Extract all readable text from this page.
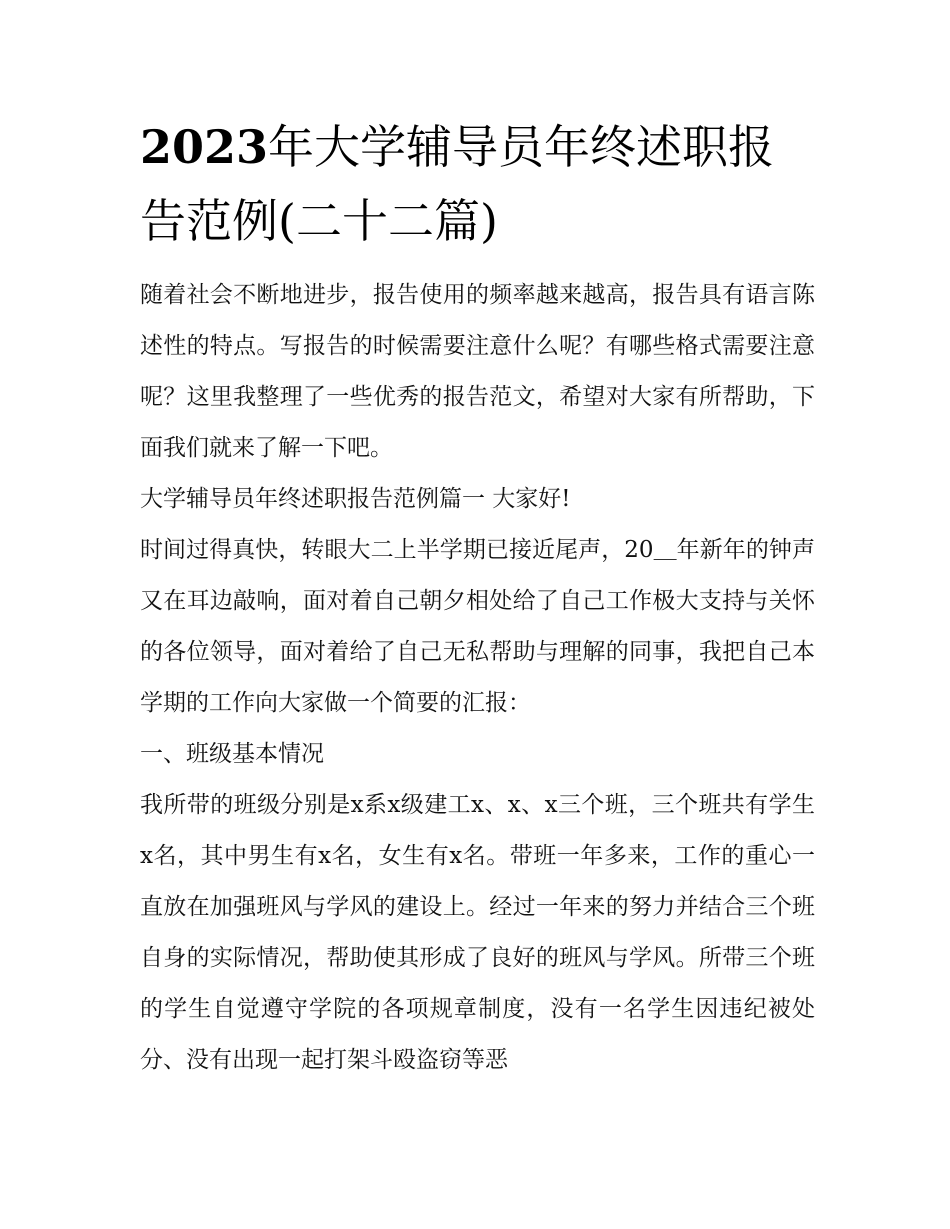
2023年大学辅导员年终述职报告范例(二十二篇)

随着社会不断地进步，报告使用的频率越来越高，报告具有语言陈述性的特点。写报告的时候需要注意什么呢？有哪些格式需要注意呢？这里我整理了一些优秀的报告范文，希望对大家有所帮助，下面我们就来了解一下吧。

大学辅导员年终述职报告范例篇一 大家好!

时间过得真快，转眼大二上半学期已接近尾声，20＿年新年的钟声又在耳边敲响，面对着自己朝夕相处给了自己工作极大支持与关怀的各位领导，面对着给了自己无私帮助与理解的同事，我把自己本学期的工作向大家做一个简要的汇报：

一、班级基本情况

我所带的班级分别是x系x级建工x、x、x三个班，三个班共有学生x名，其中男生有x名，女生有x名。带班一年多来，工作的重心一直放在加强班风与学风的建设上。经过一年来的努力并结合三个班自身的实际情况，帮助使其形成了良好的班风与学风。所带三个班的学生自觉遵守学院的各项规章制度，没有一名学生因违纪被处分、没有出现一起打架斗殴盗窃等恶
